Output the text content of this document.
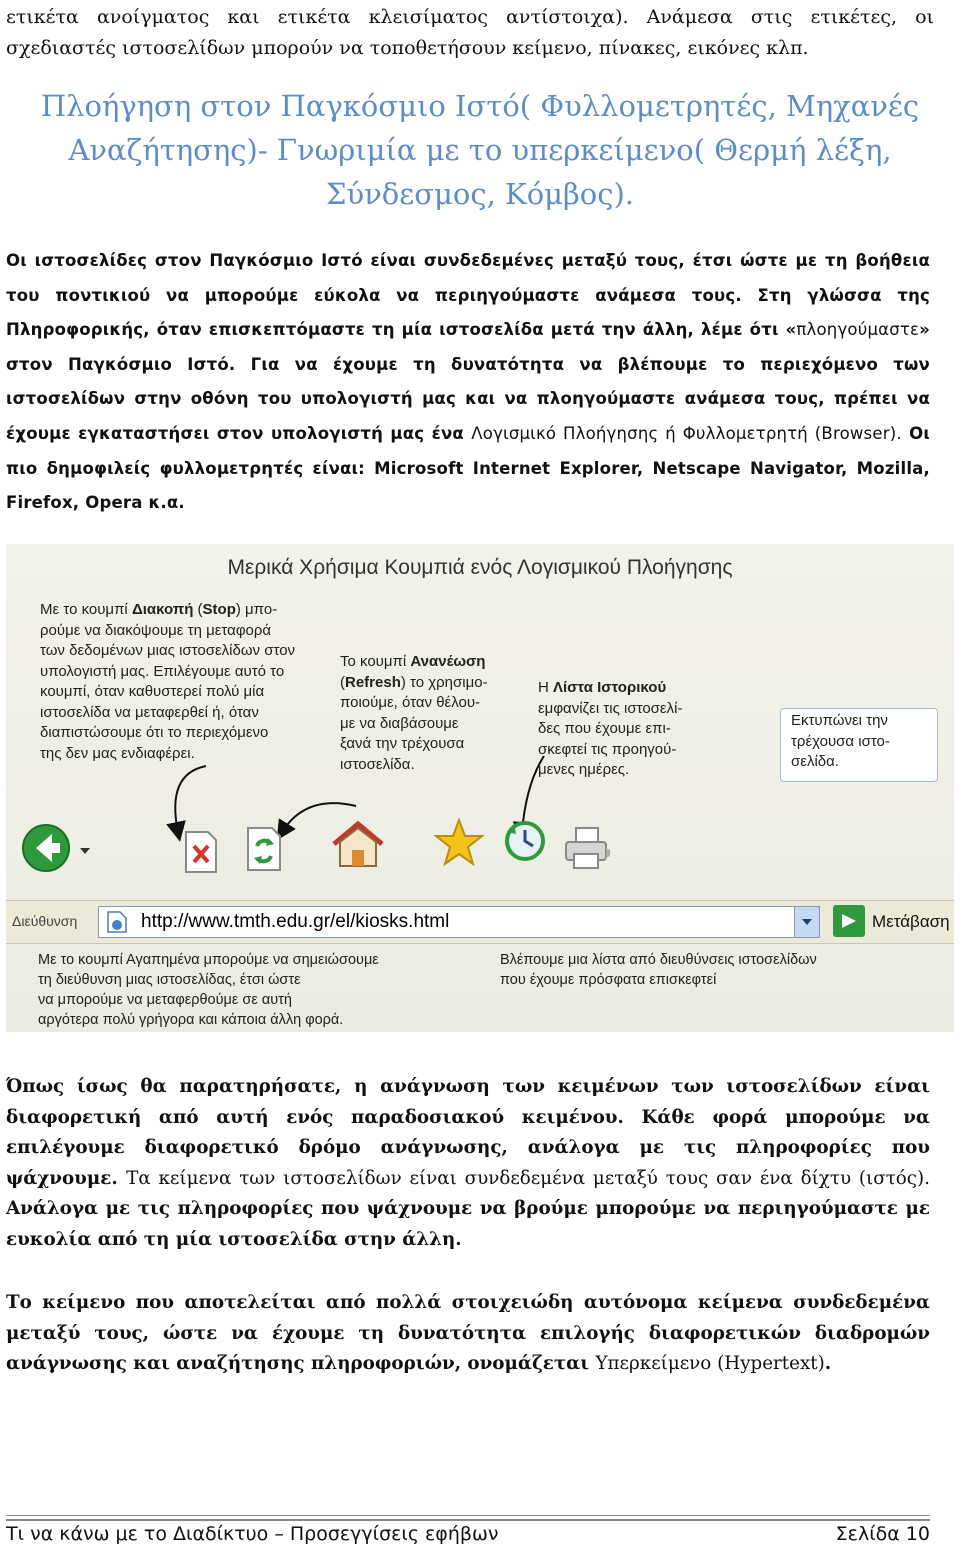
ετικέτα ανοίγματος και ετικέτα κλεισίματος αντίστοιχα). Ανάμεσα στις ετικέτες, οι σχεδιαστές ιστοσελίδων μπορούν να τοποθετήσουν κείμενο, πίνακες, εικόνες κλπ.
Πλοήγηση στον Παγκόσμιο Ιστό( Φυλλομετρητές, Μηχανές Αναζήτησης)- Γνωριμία με το υπερκείμενο( Θερμή λέξη, Σύνδεσμος, Κόμβος).
Οι ιστοσελίδες στον Παγκόσμιο Ιστό είναι συνδεδεμένες μεταξύ τους, έτσι ώστε με τη βοήθεια του ποντικιού να μπορούμε εύκολα να περιηγούμαστε ανάμεσα τους. Στη γλώσσα της Πληροφορικής, όταν επισκεπτόμαστε τη μία ιστοσελίδα μετά την άλλη, λέμε ότι «πλοηγούμαστε» στον Παγκόσμιο Ιστό. Για να έχουμε τη δυνατότητα να βλέπουμε το περιεχόμενο των ιστοσελίδων στην οθόνη του υπολογιστή μας και να πλοηγούμαστε ανάμεσα τους, πρέπει να έχουμε εγκαταστήσει στον υπολογιστή μας ένα Λογισμικό Πλοήγησης ή Φυλλομετρητή (Browser). Οι πιο δημοφιλείς φυλλομετρητές είναι: Microsoft Internet Explorer, Netscape Navigator, Mozilla, Firefox, Opera κ.α.
Μερικά Χρήσιμα Κουμπιά ενός Λογισμικού Πλοήγησης
Με το κουμπί Διακοπή (Stop) μπο-
ρούμε να διακόψουμε τη μεταφορά
των δεδομένων μιας ιστοσελίδων στον
υπολογιστή μας. Επιλέγουμε αυτό το
κουμπί, όταν καθυστερεί πολύ μία
ιστοσελίδα να μεταφερθεί ή, όταν
διαπιστώσουμε ότι το περιεχόμενο
της δεν μας ενδιαφέρει.
Το κουμπί Ανανέωση
(Refresh) το χρησιμο-
ποιούμε, όταν θέλου-
με να διαβάσουμε
ξανά την τρέχουσα
ιστοσελίδα.
Η Λίστα Ιστορικού
εμφανίζει τις ιστοσελί-
δες που έχουμε επι-
σκεφτεί τις προηγού-
μενες ημέρες.
Εκτυπώνει την
τρέχουσα ιστο-
σελίδα.
Με το κουμπί Αγαπημένα μπορούμε να σημειώσουμε
τη διεύθυνση μιας ιστοσελίδας, έτσι ώστε
να μπορούμε να μεταφερθούμε σε αυτή
αργότερα πολύ γρήγορα και κάποια άλλη φορά.
Βλέπουμε μια λίστα από διευθύνσεις ιστοσελίδων
που έχουμε πρόσφατα επισκεφτεί
Διεύθυνση	http://www.tmth.edu.gr/el/kiosks.html	Μετάβαση
Όπως ίσως θα παρατηρήσατε, η ανάγνωση των κειμένων των ιστοσελίδων είναι διαφορετική από αυτή ενός παραδοσιακού κειμένου. Κάθε φορά μπορούμε να επιλέγουμε διαφορετικό δρόμο ανάγνωσης, ανάλογα με τις πληροφορίες που ψάχνουμε. Τα κείμενα των ιστοσελίδων είναι συνδεδεμένα μεταξύ τους σαν ένα δίχτυ (ιστός). Ανάλογα με τις πληροφορίες που ψάχνουμε να βρούμε μπορούμε να περιηγούμαστε με ευκολία από τη μία ιστοσελίδα στην άλλη.
Το κείμενο που αποτελείται από πολλά στοιχειώδη αυτόνομα κείμενα συνδεδεμένα μεταξύ τους, ώστε να έχουμε τη δυνατότητα επιλογής διαφορετικών διαδρομών ανάγνωσης και αναζήτησης πληροφοριών, ονομάζεται Υπερκείμενο (Hypertext).
Τι να κάνω με το Διαδίκτυο – Προσεγγίσεις εφήβων	Σελίδα 10
